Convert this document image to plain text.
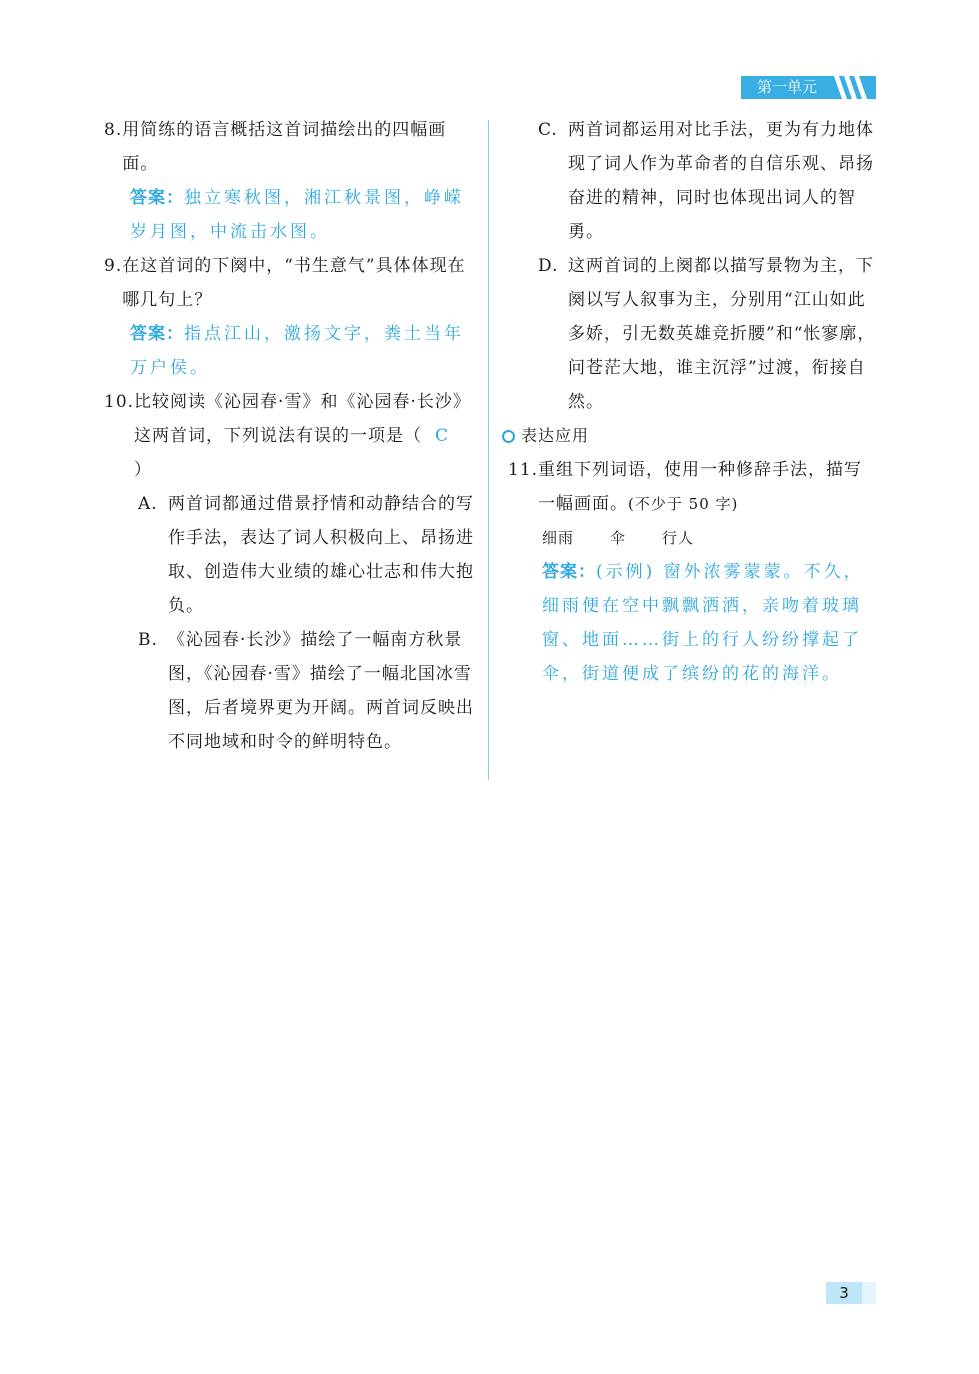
第一单元
8. 用简练的语言概括这首词描绘出的四幅画面。
答案：独立寒秋图，湘江秋景图，峥嵘岁月图，中流击水图。
9. 在这首词的下阕中，“书生意气”具体体现在哪几句上？
答案：指点江山，激扬文字，粪土当年万户侯。
10. 比较阅读《沁园春·雪》和《沁园春·长沙》这两首词，下列说法有误的一项是（ C）
A. 两首词都通过借景抒情和动静结合的写作手法，表达了词人积极向上、昂扬进取、创造伟大业绩的雄心壮志和伟大抱负。
B. 《沁园春·长沙》描绘了一幅南方秋景图，《沁园春·雪》描绘了一幅北国冰雪图，后者境界更为开阔。两首词反映出不同地域和时令的鲜明特色。
C. 两首词都运用对比手法，更为有力地体现了词人作为革命者的自信乐观、昂扬奋进的精神，同时也体现出词人的智勇。
D. 这两首词的上阕都以描写景物为主，下阕以写人叙事为主，分别用“江山如此多娇，引无数英雄竞折腰”和“怅寥廓，问苍茫大地，谁主沉浮”过渡，衔接自然。
表达应用
11. 重组下列词语，使用一种修辞手法，描写一幅画面。(不少于 50 字)
细雨 伞 行人
答案：(示例) 窗外浓雾蒙蒙。不久，细雨便在空中飘飘洒洒，亲吻着玻璃窗、地面……街上的行人纷纷撑起了伞，街道便成了缤纷的花的海洋。
3
